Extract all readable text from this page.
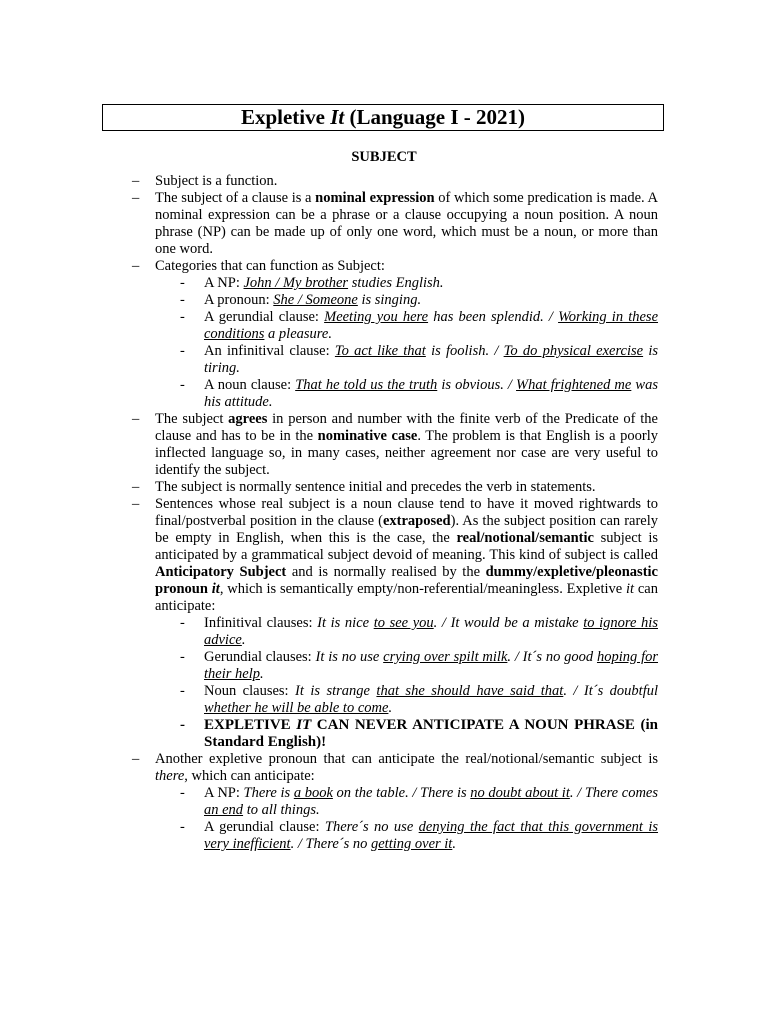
Expletive It (Language I - 2021)
SUBJECT
– Subject is a function.
– The subject of a clause is a nominal expression of which some predication is made. A nominal expression can be a phrase or a clause occupying a noun position. A noun phrase (NP) can be made up of only one word, which must be a noun, or more than one word.
– Categories that can function as Subject:
- A NP: John / My brother studies English.
- A pronoun: She / Someone is singing.
- A gerundial clause: Meeting you here has been splendid. / Working in these conditions a pleasure.
- An infinitival clause: To act like that is foolish. / To do physical exercise is tiring.
- A noun clause: That he told us the truth is obvious. / What frightened me was his attitude.
– The subject agrees in person and number with the finite verb of the Predicate of the clause and has to be in the nominative case. The problem is that English is a poorly inflected language so, in many cases, neither agreement nor case are very useful to identify the subject.
– The subject is normally sentence initial and precedes the verb in statements.
– Sentences whose real subject is a noun clause tend to have it moved rightwards to final/postverbal position in the clause (extraposed). As the subject position can rarely be empty in English, when this is the case, the real/notional/semantic subject is anticipated by a grammatical subject devoid of meaning. This kind of subject is called Anticipatory Subject and is normally realised by the dummy/expletive/pleonastic pronoun it, which is semantically empty/non-referential/meaningless. Expletive it can anticipate:
- Infinitival clauses: It is nice to see you. / It would be a mistake to ignore his advice.
- Gerundial clauses: It is no use crying over spilt milk. / It´s no good hoping for their help.
- Noun clauses: It is strange that she should have said that. / It´s doubtful whether he will be able to come.
- EXPLETIVE IT CAN NEVER ANTICIPATE A NOUN PHRASE (in Standard English)!
– Another expletive pronoun that can anticipate the real/notional/semantic subject is there, which can anticipate:
- A NP: There is a book on the table. / There is no doubt about it. / There comes an end to all things.
- A gerundial clause: There´s no use denying the fact that this government is very inefficient. / There´s no getting over it.
